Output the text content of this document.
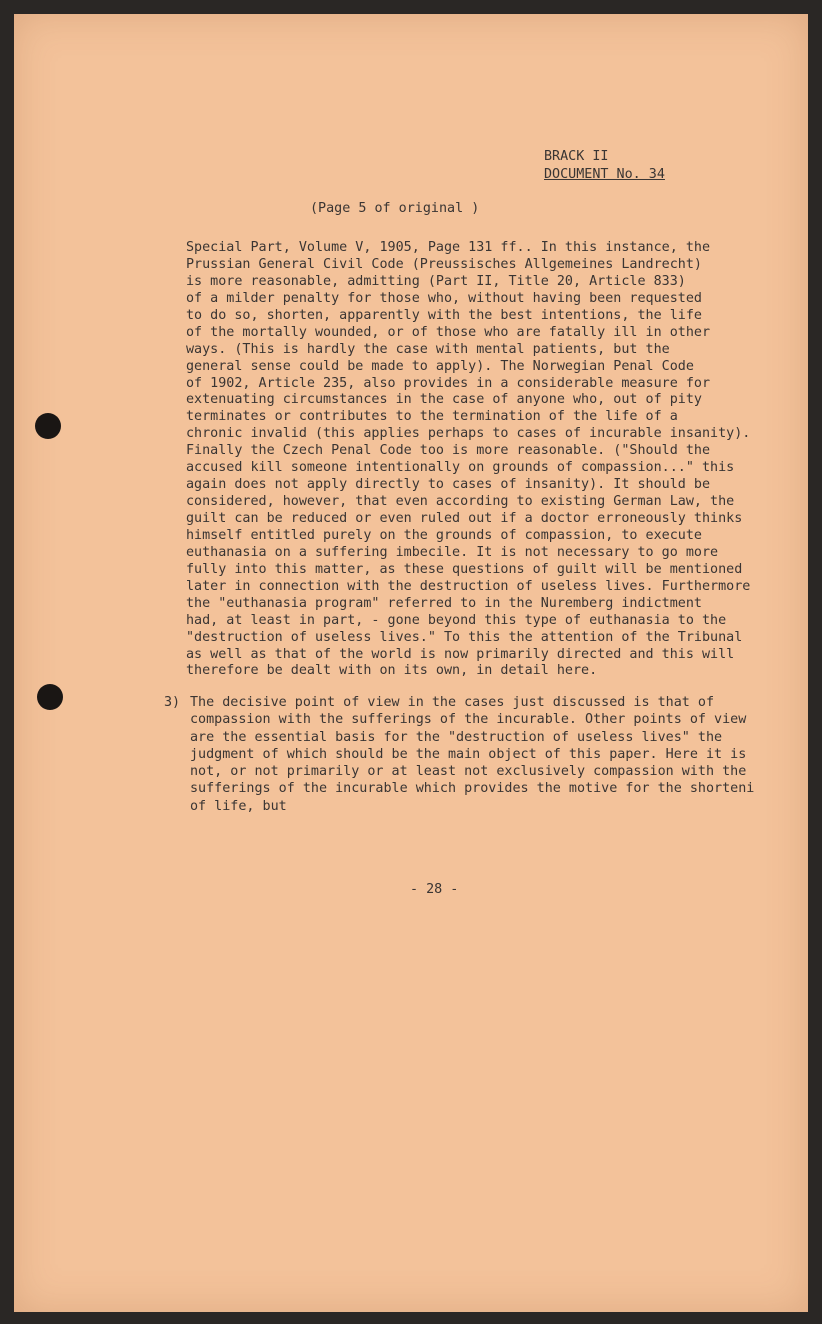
BRACK II
DOCUMENT No. 34
(Page 5 of original )
Special Part, Volume V, 1905, Page 131 ff.. In this instance, the
Prussian General Civil Code (Preussisches Allgemeines Landrecht)
is more reasonable, admitting (Part II, Title 20, Article 833)
of a milder penalty for those who, without having been requested
to do so, shorten, apparently with the best intentions, the life
of the mortally wounded, or of those who are fatally ill in other
ways. (This is hardly the case with mental patients, but the
general sense could be made to apply). The Norwegian Penal Code
of 1902, Article 235, also provides in a considerable measure for
extenuating circumstances in the case of anyone who, out of pity
terminates or contributes to the termination of the life of a
chronic invalid (this applies perhaps to cases of incurable insanity).
Finally the Czech Penal Code too is more reasonable. ("Should the
accused kill someone intentionally on grounds of compassion..." this
again does not apply directly to cases of insanity). It should be
considered, however, that even according to existing German Law, the
guilt can be reduced or even ruled out if a doctor erroneously thinks
himself entitled purely on the grounds of compassion, to execute
euthanasia on a suffering imbecile. It is not necessary to go more
fully into this matter, as these questions of guilt will be mentioned
later in connection with the destruction of useless lives. Furthermore
the "euthanasia program" referred to in the Nuremberg indictment
had, at least in part, - gone beyond this type of euthanasia to the
"destruction of useless lives." To this the attention of the Tribunal
as well as that of the world is now primarily directed and this will
therefore be dealt with on its own, in detail here.
3) The decisive point of view in the cases just discussed is that of
compassion with the sufferings of the incurable. Other points of view
are the essential basis for the "destruction of useless lives" the
judgment of which should be the main object of this paper. Here it is
not, or not primarily or at least not exclusively compassion with the
sufferings of the incurable which provides the motive for the shorteni
of life, but
- 28 -
